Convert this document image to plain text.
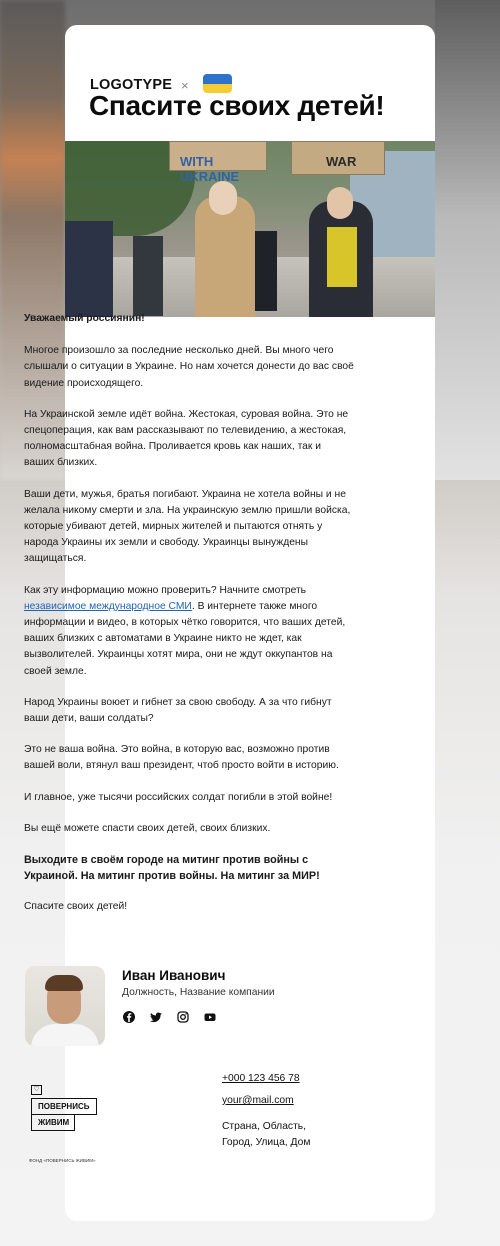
LOGOTYPE ×
Спасите своих детей!
WITH UKRAINE
WAR

Уважаемый россиянин!

Многое произошло за последние несколько дней. Вы много чего слышали о ситуации в Украине. Но нам хочется донести до вас своё видение происходящего.

На Украинской земле идёт война. Жестокая, суровая война. Это не спецоперация, как вам рассказывают по телевидению, а жестокая, полномасштабная война. Проливается кровь как наших, так и ваших близких.

Ваши дети, мужья, братья погибают. Украина не хотела войны и не желала никому смерти и зла. На украинскую землю пришли войска, которые убивают детей, мирных жителей и пытаются отнять у народа Украины их земли и свободу. Украинцы вынуждены защищаться.

Как эту информацию можно проверить? Начните смотреть независимое международное СМИ. В интернете также много информации и видео, в которых чётко говорится, что ваших детей, ваших близких с автоматами в Украине никто не ждет, как вызволителей. Украинцы хотят мира, они не ждут оккупантов на своей земле.

Народ Украины воюет и гибнет за свою свободу. А за что гибнут ваши дети, ваши солдаты?

Это не ваша война. Это война, в которую вас, возможно против вашей воли, втянул ваш президент, чтоб просто войти в историю.

И главное, уже тысячи российских солдат погибли в этой войне!

Вы ещё можете спасти своих детей, своих близких.

Выходите в своём городе на митинг против войны с Украиной. На митинг против войны. На митинг за МИР!

Спасите своих детей!

Иван Иванович
Должность, Название компании
♡
ПОВЕРНИСЬ
ЖИВИМ
ФОНД «ПОВЕРНИСЬ ЖИВИМ»
+000 123 456 78
your@mail.com
Страна, Область,
Город, Улица, Дом
